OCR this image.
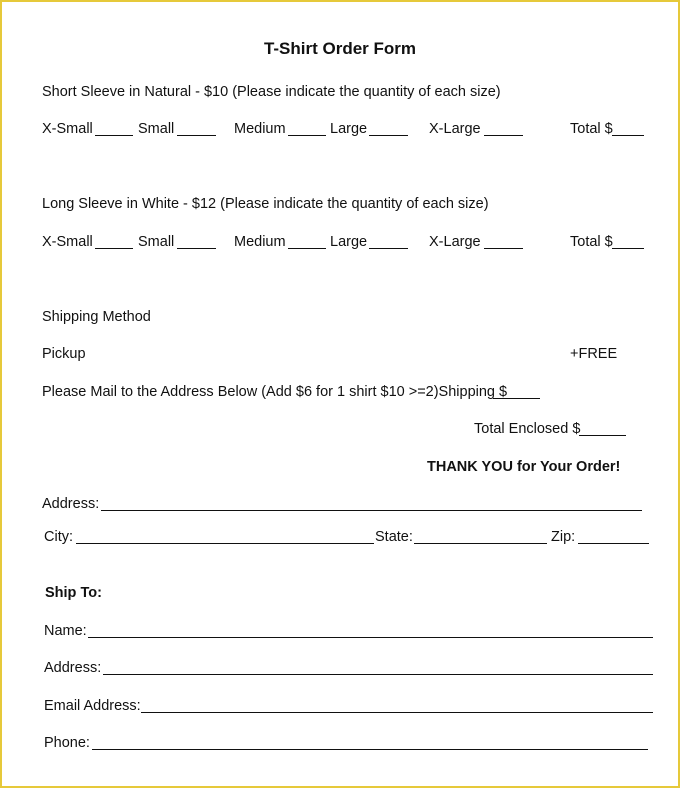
T-Shirt Order Form
Short Sleeve in Natural - $10 (Please indicate the quantity of each size)
X-Small	Small	Medium	Large	X-Large	Total $
Long Sleeve in White - $12 (Please indicate the quantity of each size)
X-Small	Small	Medium	Large	X-Large	Total $
Shipping Method
Pickup	+FREE
Please Mail to the Address Below (Add $6 for 1 shirt $10 >=2)Shipping $
Total Enclosed $
THANK YOU for Your Order!
Address:
City:	State:	Zip:
Ship To:
Name:
Address:
Email Address:
Phone:
